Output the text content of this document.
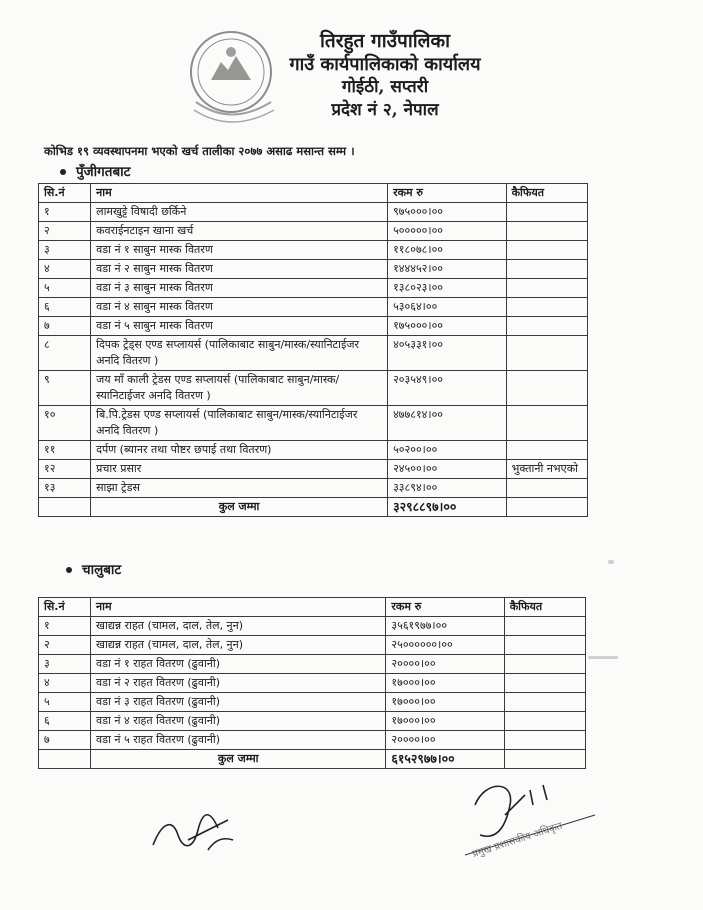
तिरहुत गाउँपालिका
गाउँ कार्यपालिकाको कार्यालय
गोईठी, सप्तरी
प्रदेश नं २, नेपाल
कोभिड १९ व्यवस्थापनमा भएको खर्च तालीका २०७७ असाढ मसान्त सम्म ।
पुँजीगतबाट
सि.नं	नाम	रकम रु	कैफियत
१	लामखुट्टे विषादी छर्किने	९७५०००।००	
२	कवराईनटाइन खाना खर्च	५०००००।००	
३	वडा नं १ साबुन मास्क वितरण	११८०७८।००	
४	वडा नं २ साबुन मास्क वितरण	१४४४५२।००	
५	वडा नं ३ साबुन मास्क वितरण	१३८०२३।००	
६	वडा नं ४ साबुन मास्क वितरण	५३०६४।००	
७	वडा नं ५ साबुन मास्क वितरण	१७५०००।००	
८	दिपक ट्रेड्स एण्ड सप्लायर्स (पालिकाबाट साबुन/मास्क/स्यानिटाईजर अनदि वितरण )	४०५३३१।००	
९	जय माँ काली ट्रेडस एण्ड सप्लायर्स (पालिकाबाट साबुन/मास्क/स्यानिटाईजर अनदि वितरण )	२०३५४९।००	
१०	बि.पि.ट्रेडस एण्ड सप्लायर्स (पालिकाबाट साबुन/मास्क/स्यानिटाईजर अनदि वितरण )	४७७८१४।००	
११	दर्पण (ब्यानर तथा पोष्टर छपाई तथा वितरण)	५०२००।००	
१२	प्रचार प्रसार	२४५००।००	भुक्तानी नभएको
१३	साझा ट्रेडस	३३८९४।००	
	कुल जम्मा	३२९८८९७।००	
चालुबाट
सि.नं	नाम	रकम रु	कैफियत
१	खाद्यन्न राहत (चामल, दाल, तेल, नुन)	३५६१९७७।००	
२	खाद्यन्न राहत (चामल, दाल, तेल, नुन)	२५००००००।००	
३	वडा नं १ राहत वितरण (ढुवानी)	२००००।००	
४	वडा नं २ राहत वितरण (ढुवानी)	१७०००।००	
५	वडा नं ३ राहत वितरण (ढुवानी)	१७०००।००	
६	वडा नं ४ राहत वितरण (ढुवानी)	१७०००।००	
७	वडा नं ५ राहत वितरण (ढुवानी)	२००००।००	
	कुल जम्मा	६१५२९७७।००	
प्रमुख प्रशासकीय अधिकृत
